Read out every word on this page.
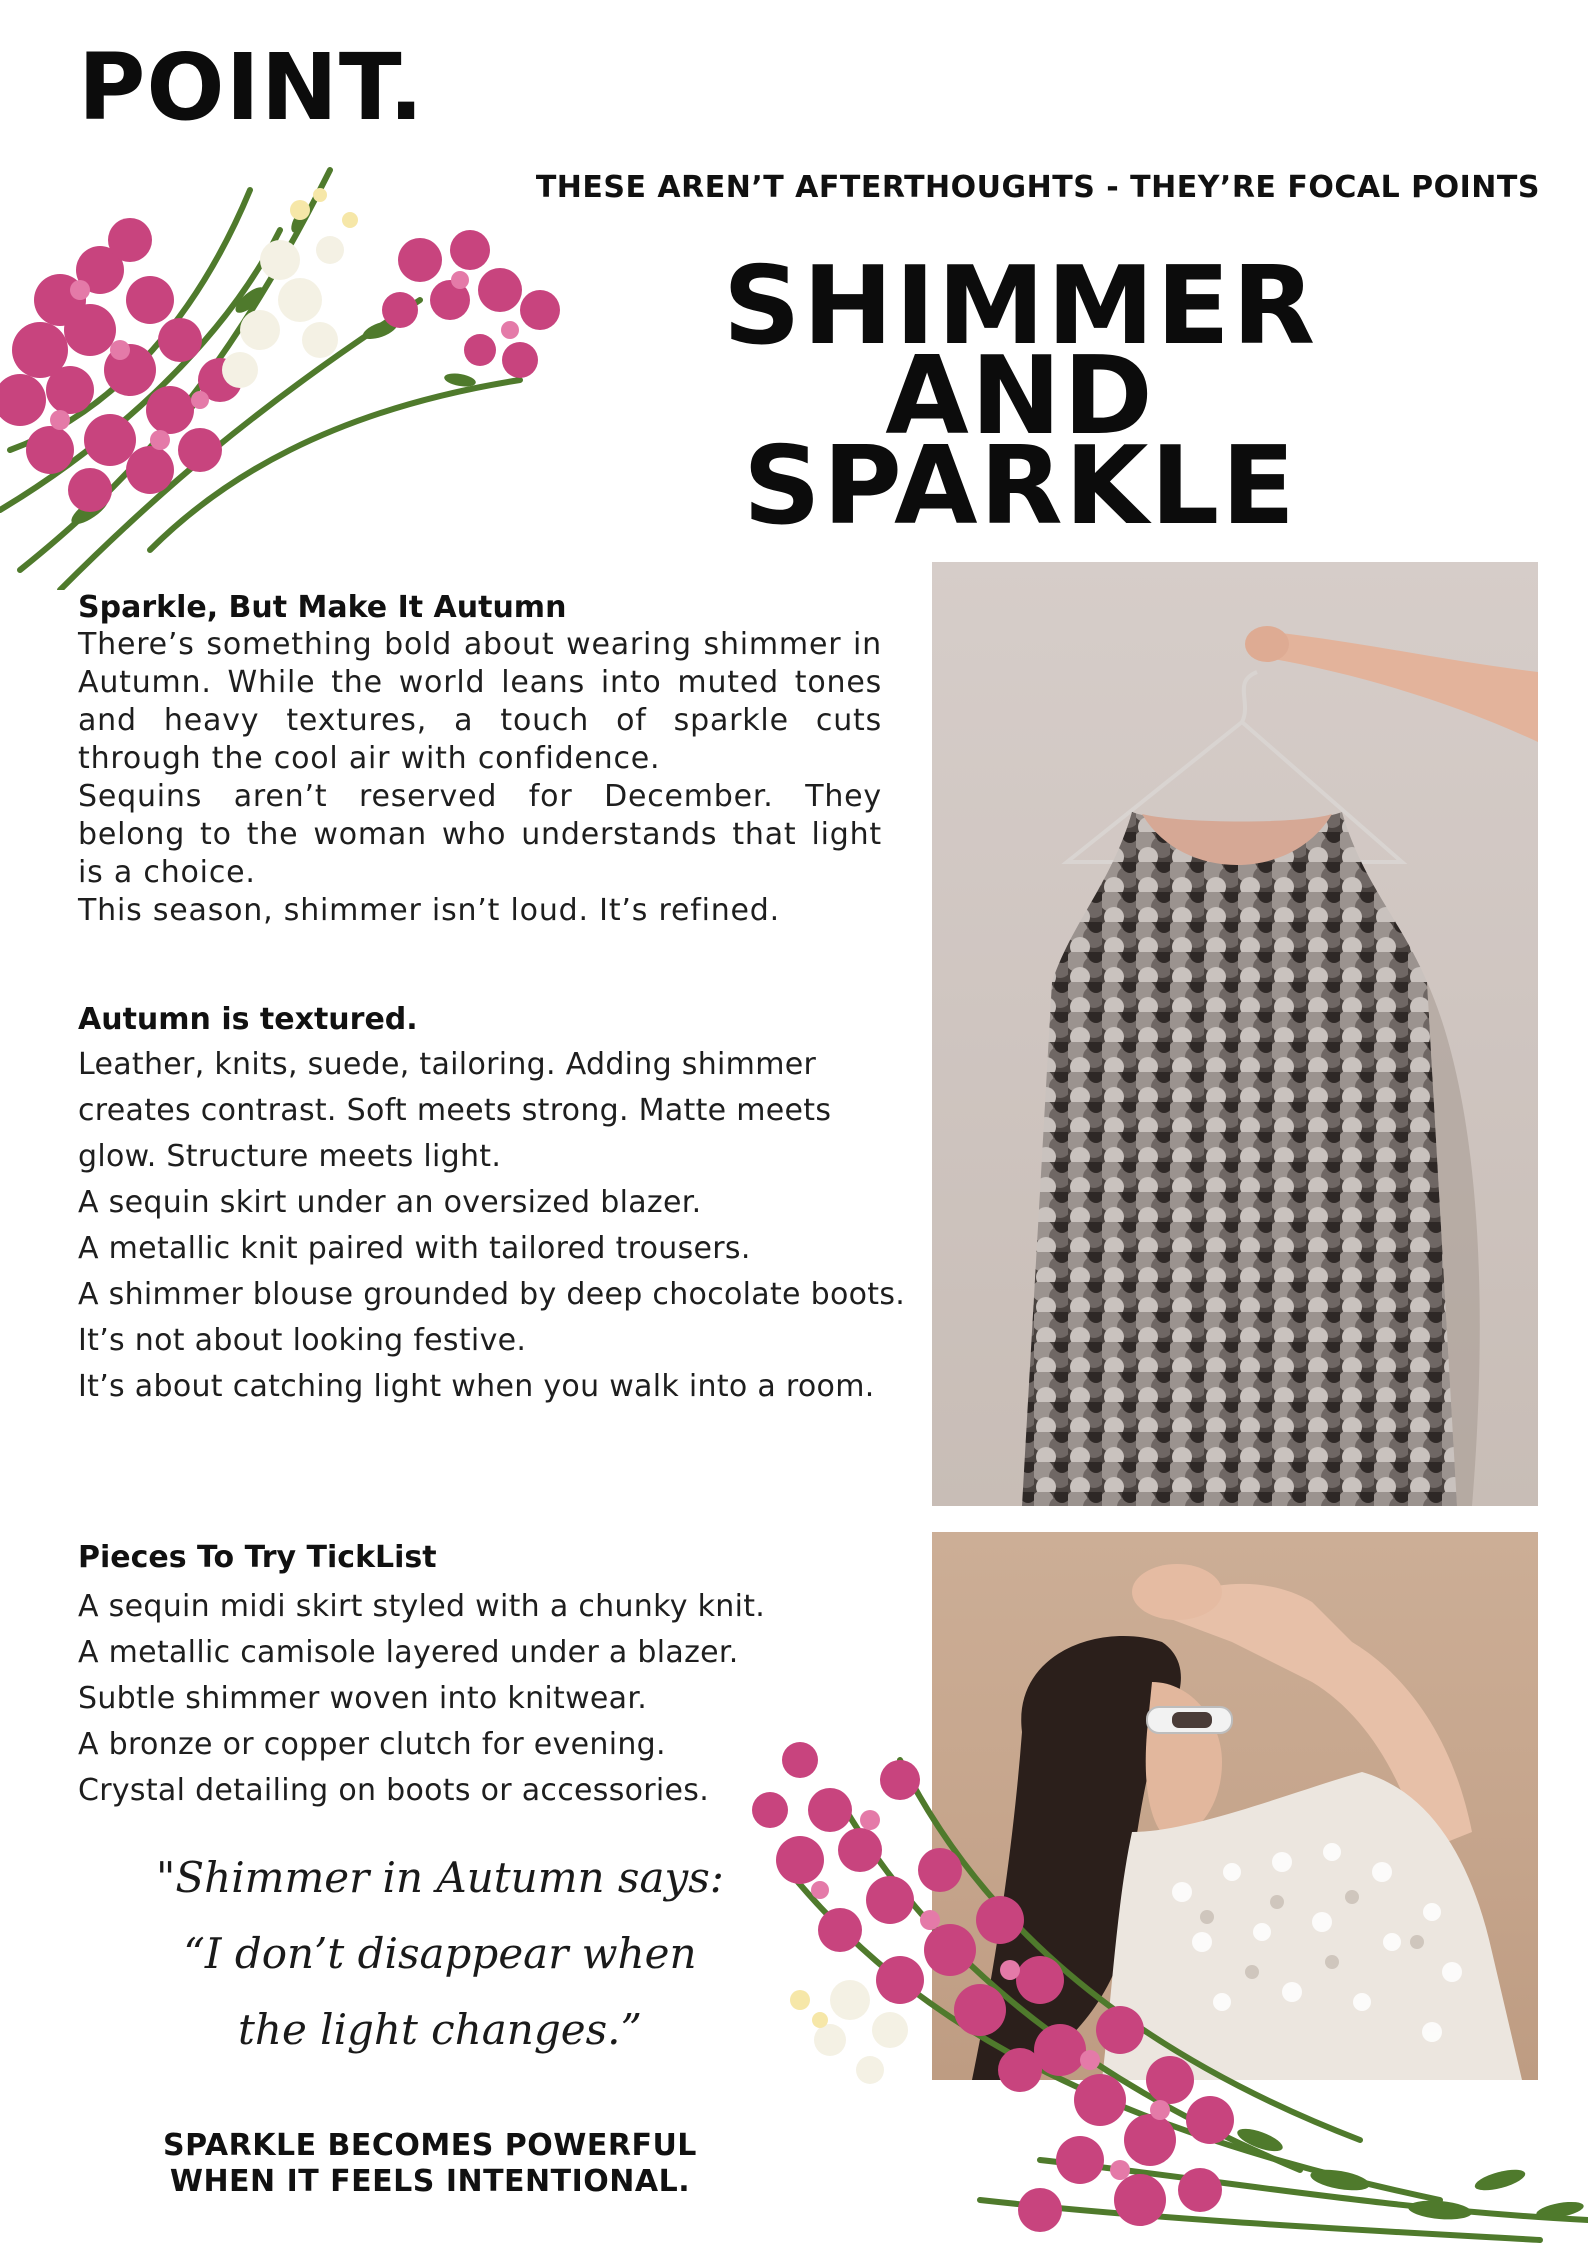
POINT.

THESE AREN’T AFTERTHOUGHTS - THEY’RE FOCAL POINTS

SHIMMER AND
SPARKLE
Sparkle, But Make It Autumn

There’s something bold about wearing shimmer in Autumn. While the world leans into muted tones and heavy textures, a touch of sparkle cuts through the cool air with confidence.

Sequins aren’t reserved for December. They belong to the woman who understands that light is a choice.

This season, shimmer isn’t loud. It’s refined.

Autumn is textured.

Leather, knits, suede, tailoring. Adding shimmer creates contrast. Soft meets strong. Matte meets glow. Structure meets light.

A sequin skirt under an oversized blazer.

A metallic knit paired with tailored trousers.

A shimmer blouse grounded by deep chocolate boots.

It’s not about looking festive.

It’s about catching light when you walk into a room.

Pieces To Try TickList
A sequin midi skirt styled with a chunky knit.
A metallic camisole layered under a blazer.
Subtle shimmer woven into knitwear.
A bronze or copper clutch for evening.
Crystal detailing on boots or accessories.
"Shimmer in Autumn says:
“I don’t disappear when
the light changes.”
SPARKLE BECOMES POWERFUL
WHEN IT FEELS INTENTIONAL.
